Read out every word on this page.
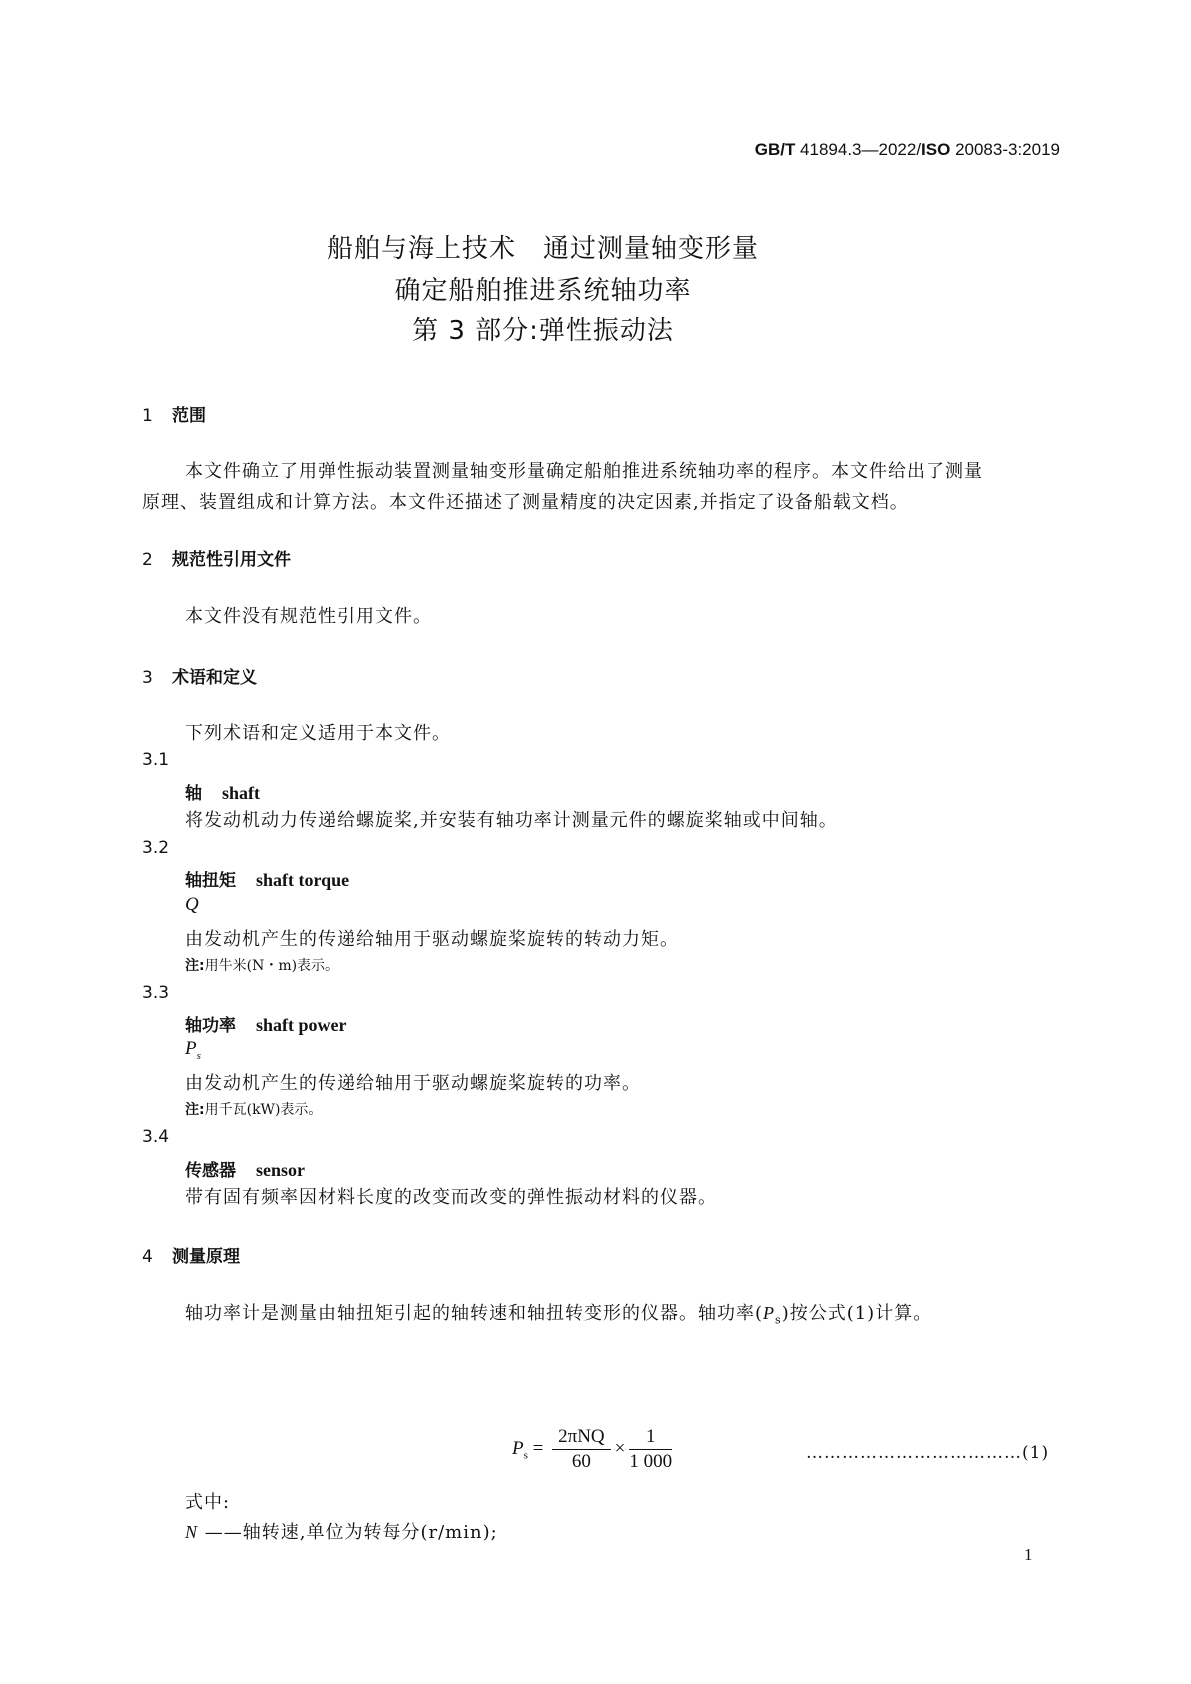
GB/T 41894.3—2022/ISO 20083-3:2019
船舶与海上技术　通过测量轴变形量
确定船舶推进系统轴功率
第 3 部分:弹性振动法
1 范围
本文件确立了用弹性振动装置测量轴变形量确定船舶推进系统轴功率的程序。本文件给出了测量
原理、装置组成和计算方法。本文件还描述了测量精度的决定因素,并指定了设备船载文档。
2 规范性引用文件
本文件没有规范性引用文件。
3 术语和定义
下列术语和定义适用于本文件。
3.1
轴 shaft
将发动机动力传递给螺旋桨,并安装有轴功率计测量元件的螺旋桨轴或中间轴。
3.2
轴扭矩 shaft torque
Q
由发动机产生的传递给轴用于驱动螺旋桨旋转的转动力矩。
注:用牛米(N・m)表示。
3.3
轴功率 shaft power
$P_s$
由发动机产生的传递给轴用于驱动螺旋桨旋转的功率。
注:用千瓦(kW)表示。
3.4
传感器 sensor
带有固有频率因材料长度的改变而改变的弹性振动材料的仪器。
4 测量原理
轴功率计是测量由轴扭矩引起的轴转速和轴扭转变形的仪器。轴功率$(P_s)$按公式(1)计算。
$P_s = \frac{\text{2πNQ}}{60} \times \frac{1}{1 000}$	………………………………(1)
式中:
N ——轴转速,单位为转每分(r/min);
1
